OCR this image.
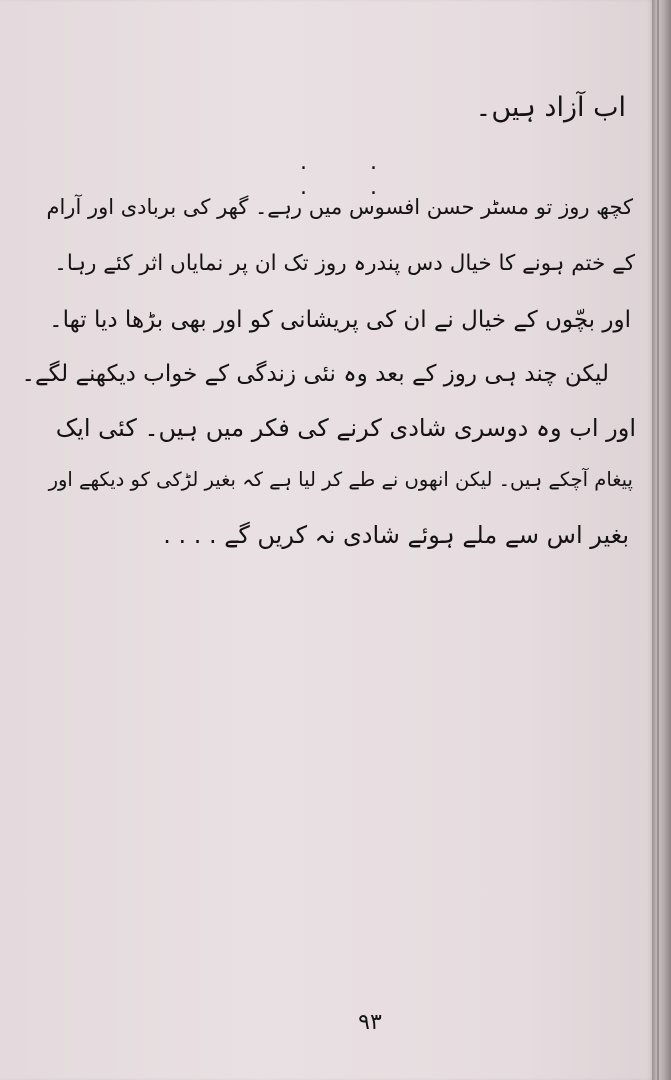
اب آزاد ہیں۔
. . . .
کچھ روز تو مسٹر حسن افسوس میں رہے۔ گھر کی بربادی اور آرام
کے ختم ہونے کا خیال دس پندرہ روز تک ان پر نمایاں اثر کئے رہا۔
اور بچّوں کے خیال نے ان کی پریشانی کو اور بھی بڑھا دیا تھا۔
لیکن چند ہی روز کے بعد وہ نئی زندگی کے خواب دیکھنے لگے۔
اور اب وہ دوسری شادی کرنے کی فکر میں ہیں۔ کئی ایک
پیغام آچکے ہیں۔ لیکن انھوں نے طے کر لیا ہے کہ بغیر لڑکی کو دیکھے اور
بغیر اس سے ملے ہوئے شادی نہ کریں گے . . . .
۹۳
